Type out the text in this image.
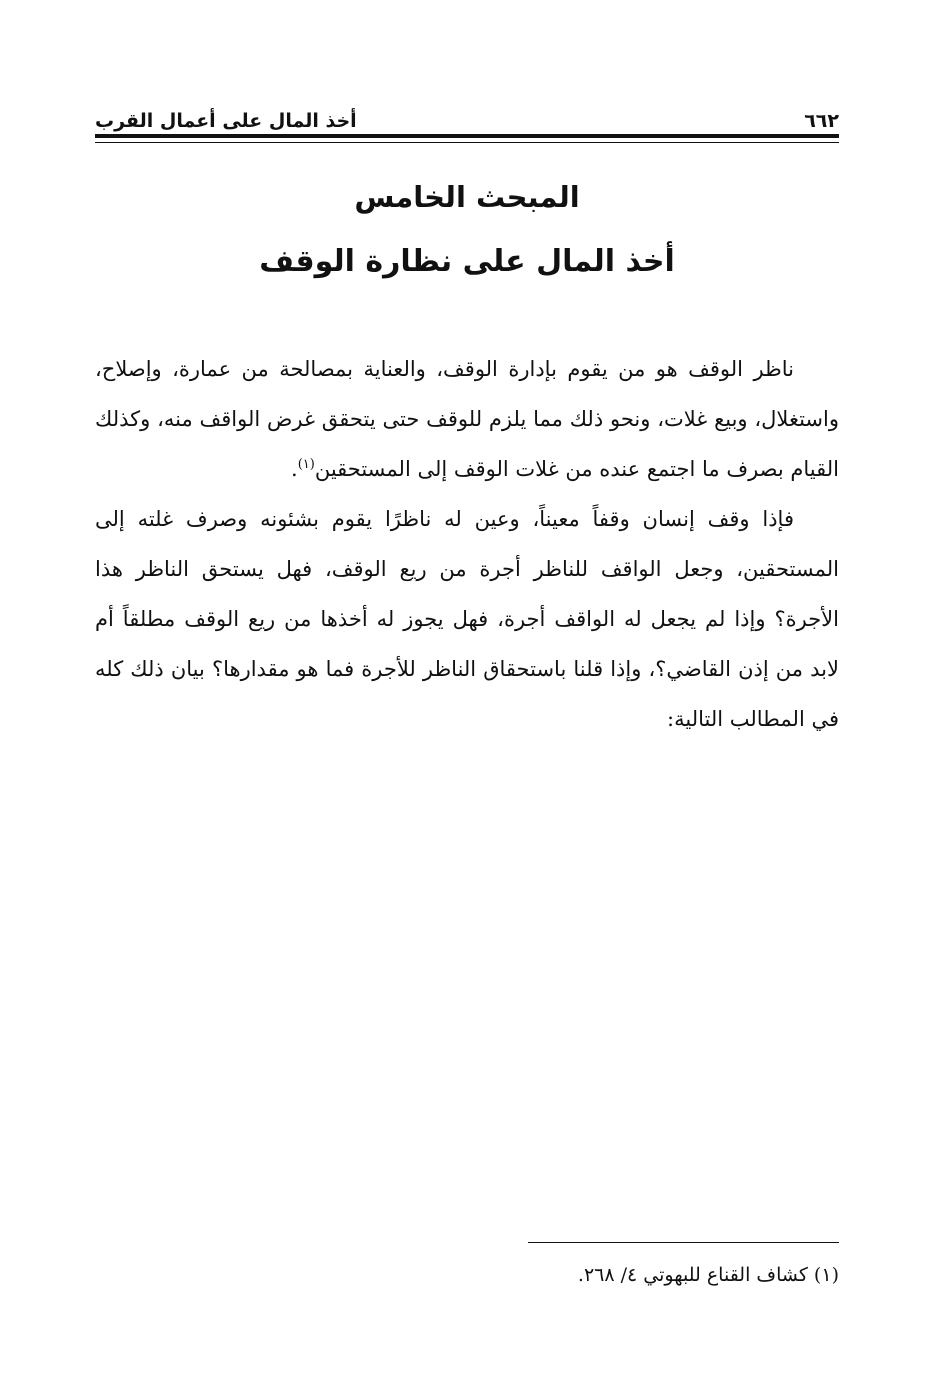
٦٦٢
أخذ المال على أعمال القرب
المبحث الخامس
أخذ المال على نظارة الوقف

ناظر الوقف هو من يقوم بإدارة الوقف، والعناية بمصالحة من عمارة، وإصلاح، واستغلال، وبيع غلات، ونحو ذلك مما يلزم للوقف حتى يتحقق غرض الواقف منه، وكذلك القيام بصرف ما اجتمع عنده من غلات الوقف إلى المستحقين$^{(١)}$.

فإذا وقف إنسان وقفاً معيناً، وعين له ناظرًا يقوم بشئونه وصرف غلته إلى المستحقين، وجعل الواقف للناظر أجرة من ريع الوقف، فهل يستحق الناظر هذا الأجرة؟ وإذا لم يجعل له الواقف أجرة، فهل يجوز له أخذها من ريع الوقف مطلقاً أم لابد من إذن القاضي؟، وإذا قلنا باستحقاق الناظر للأجرة فما هو مقدارها؟ بيان ذلك كله في المطالب التالية:

(١) كشاف القناع للبهوتي ٤/ ٢٦٨.
